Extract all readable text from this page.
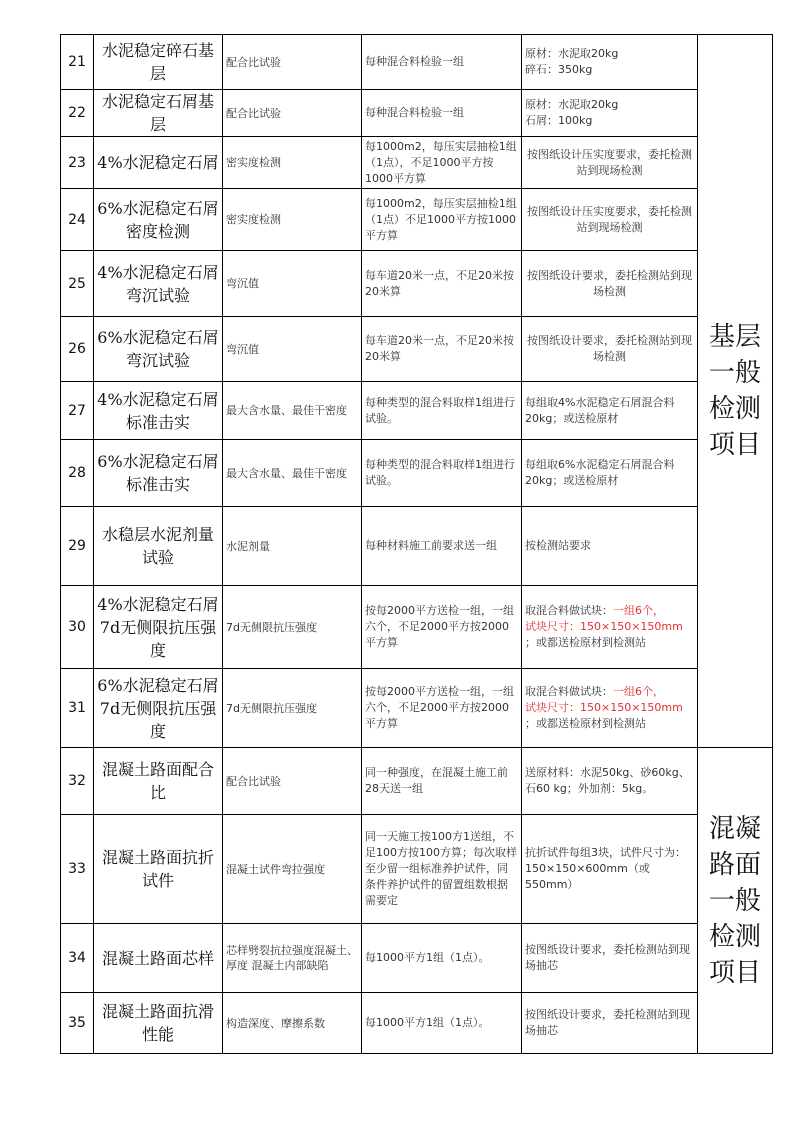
21	水泥稳定碎石基层	配合比试验	每种混合料检验一组	原材：水泥取20kg
碎石：350kg	基层一般检测项目
22	水泥稳定石屑基层	配合比试验	每种混合料检验一组	原材：水泥取20kg
石屑：100kg	

23	4%水泥稳定石屑	密实度检测	每1000m2，每压实层抽检1组（1点），不足1000平方按1000平方算	按图纸设计压实度要求，委托检测站到现场检测	
24	6%水泥稳定石屑密度检测	密实度检测	每1000m2，每压实层抽检1组（1点）不足1000平方按1000平方算	按图纸设计压实度要求，委托检测站到现场检测	
25	4%水泥稳定石屑弯沉试验	弯沉值	每车道20米一点，不足20米按20米算	按图纸设计要求，委托检测站到现场检测	
26	6%水泥稳定石屑弯沉试验	弯沉值	每车道20米一点，不足20米按20米算	按图纸设计要求，委托检测站到现场检测	
27	4%水泥稳定石屑标准击实	最大含水量、最佳干密度	每种类型的混合料取样1组进行试验。	每组取4%水泥稳定石屑混合料20kg；或送检原材	
28	6%水泥稳定石屑标准击实	最大含水量、最佳干密度	每种类型的混合料取样1组进行试验。	每组取6%水泥稳定石屑混合料20kg；或送检原材	
29	水稳层水泥剂量试验	水泥剂量	每种材料施工前要求送一组	按检测站要求	
30	4%水泥稳定石屑7d无侧限抗压强度	7d无侧限抗压强度	按每2000平方送检一组，一组六个，不足2000平方按2000平方算	取混合料做试块：一组6个，
试块尺寸：150×150×150mm
；或都送检原材到检测站	

31	6%水泥稳定石屑7d无侧限抗压强度	7d无侧限抗压强度	按每2000平方送检一组，一组六个，不足2000平方按2000平方算	取混合料做试块：一组6个，
试块尺寸：150×150×150mm
；或都送检原材到检测站	

32	混凝土路面配合比	配合比试验	同一种强度，在混凝土施工前28天送一组	送原材料：水泥50kg、砂60kg、石60 kg；外加剂：5kg。	混凝路面一般检测项目
33	混凝土路面抗折试件	混凝土试件弯拉强度	同一天施工按100方1送组，不足100方按100方算；每次取样至少留一组标准养护试件，同条件养护试件的留置组数根据需要定	抗折试件每组3块，试件尺寸为：150×150×600mm（或550mm）	
34	混凝土路面芯样	芯样劈裂抗拉强度混凝土、厚度 混凝土内部缺陷	每1000平方1组（1点）。	按图纸设计要求，委托检测站到现场抽芯	
35	混凝土路面抗滑性能	构造深度、摩擦系数	每1000平方1组（1点）。	按图纸设计要求，委托检测站到现场抽芯	
